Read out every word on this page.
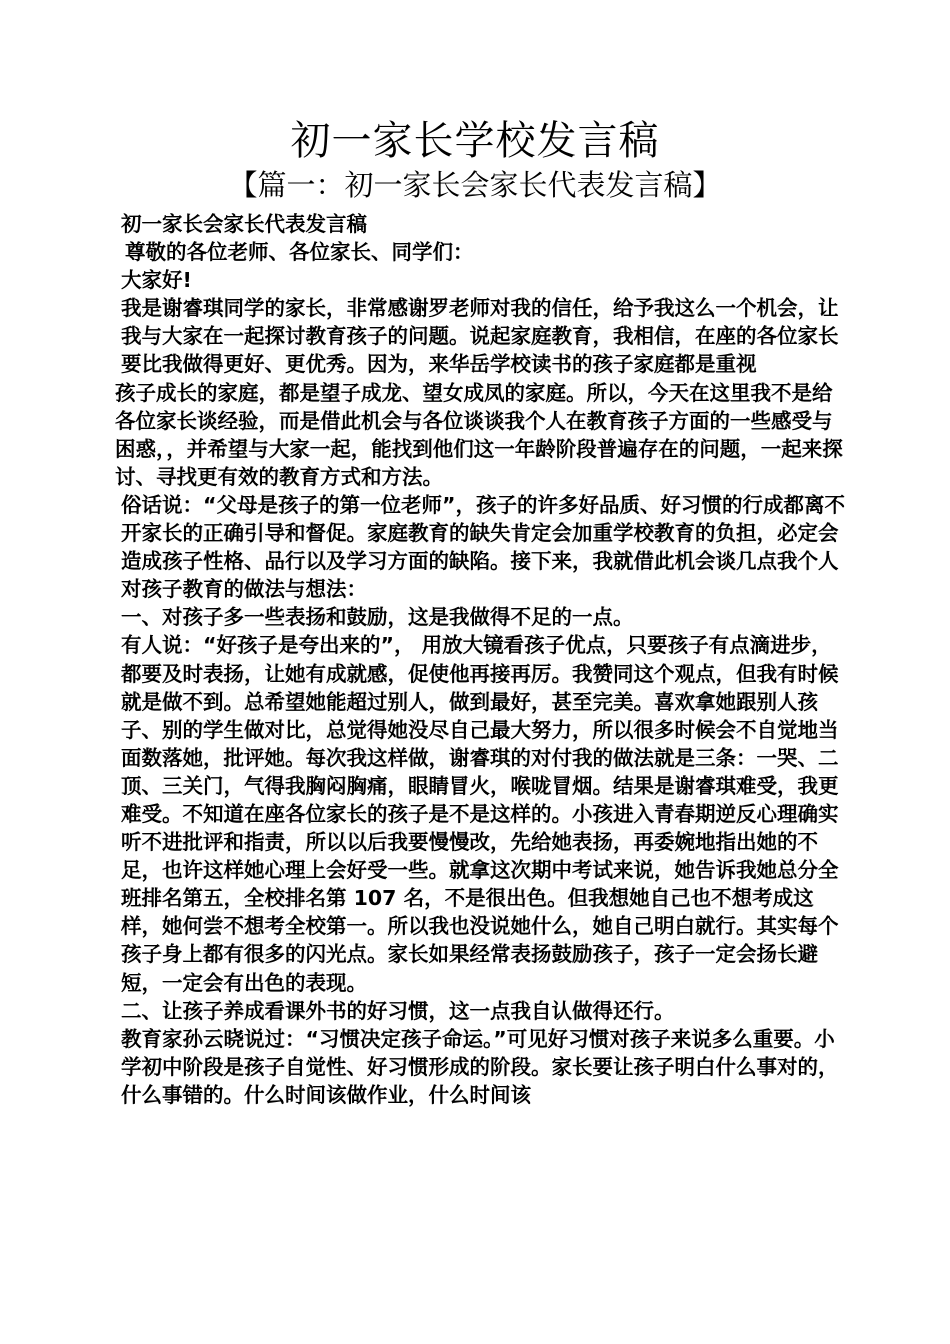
初一家长学校发言稿
【篇一：初一家长会家长代表发言稿】

初一家长会家长代表发言稿

尊敬的各位老师、各位家长、同学们：

大家好!

我是谢睿琪同学的家长，非常感谢罗老师对我的信任，给予我这么一个机会，让我与大家在一起探讨教育孩子的问题。说起家庭教育，我相信，在座的各位家长要比我做得更好、更优秀。因为，来华岳学校读书的孩子家庭都是重视

孩子成长的家庭，都是望子成龙、望女成凤的家庭。所以，今天在这里我不是给各位家长谈经验，而是借此机会与各位谈谈我个人在教育孩子方面的一些感受与困惑，，并希望与大家一起，能找到他们这一年龄阶段普遍存在的问题，一起来探讨、寻找更有效的教育方式和方法。

俗话说：“父母是孩子的第一位老师”，孩子的许多好品质、好习惯的行成都离不开家长的正确引导和督促。家庭教育的缺失肯定会加重学校教育的负担，必定会造成孩子性格、品行以及学习方面的缺陷。接下来，我就借此机会谈几点我个人对孩子教育的做法与想法：

一、对孩子多一些表扬和鼓励，这是我做得不足的一点。

有人说：“好孩子是夸出来的”， 用放大镜看孩子优点，只要孩子有点滴进步，都要及时表扬，让她有成就感，促使他再接再厉。我赞同这个观点，但我有时候就是做不到。总希望她能超过别人，做到最好，甚至完美。喜欢拿她跟别人孩子、别的学生做对比，总觉得她没尽自己最大努力，所以很多时候会不自觉地当面数落她，批评她。每次我这样做，谢睿琪的对付我的做法就是三条：一哭、二顶、三关门，气得我胸闷胸痛，眼睛冒火，喉咙冒烟。结果是谢睿琪难受，我更难受。不知道在座各位家长的孩子是不是这样的。小孩进入青春期逆反心理确实听不进批评和指责，所以以后我要慢慢改，先给她表扬，再委婉地指出她的不足，也许这样她心理上会好受一些。就拿这次期中考试来说，她告诉我她总分全班排名第五，全校排名第 107 名，不是很出色。但我想她自己也不想考成这样，她何尝不想考全校第一。所以我也没说她什么，她自己明白就行。其实每个孩子身上都有很多的闪光点。家长如果经常表扬鼓励孩子，孩子一定会扬长避短，一定会有出色的表现。

二、让孩子养成看课外书的好习惯，这一点我自认做得还行。

教育家孙云晓说过：“习惯决定孩子命运。”可见好习惯对孩子来说多么重要。小学初中阶段是孩子自觉性、好习惯形成的阶段。家长要让孩子明白什么事对的，什么事错的。什么时间该做作业，什么时间该
